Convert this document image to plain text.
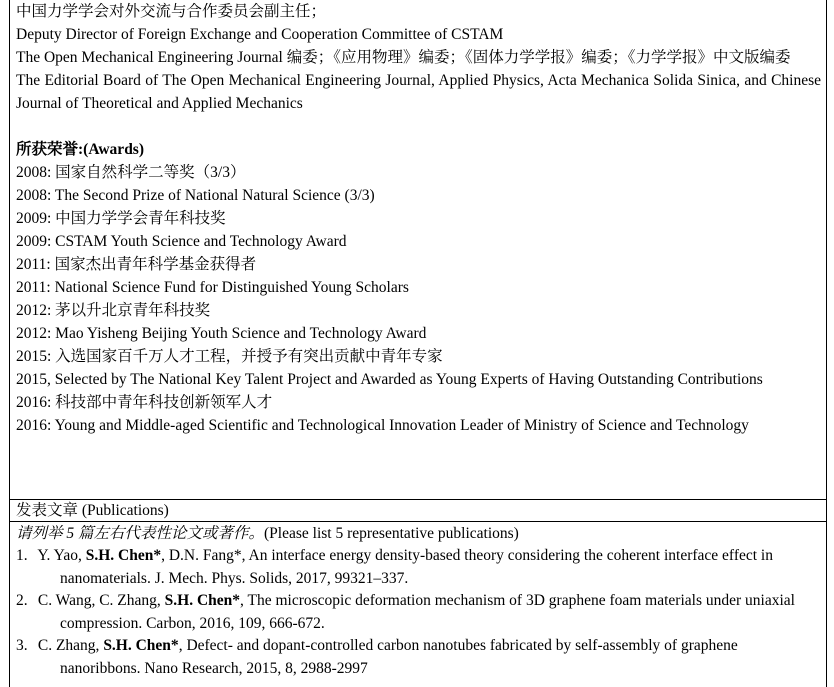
中国力学学会对外交流与合作委员会副主任；
Deputy Director of Foreign Exchange and Cooperation Committee of CSTAM
The Open Mechanical Engineering Journal 编委；《应用物理》编委；《固体力学学报》编委；《力学学报》中文版编委
The Editorial Board of The Open Mechanical Engineering Journal, Applied Physics, Acta Mechanica Solida Sinica, and Chinese Journal of Theoretical and Applied Mechanics
所获荣誉:(Awards)
2008: 国家自然科学二等奖（3/3）
2008: The Second Prize of National Natural Science (3/3)
2009: 中国力学学会青年科技奖
2009: CSTAM Youth Science and Technology Award
2011: 国家杰出青年科学基金获得者
2011: National Science Fund for Distinguished Young Scholars
2012: 茅以升北京青年科技奖
2012: Mao Yisheng Beijing Youth Science and Technology Award
2015: 入选国家百千万人才工程，并授予有突出贡献中青年专家
2015, Selected by The National Key Talent Project and Awarded as Young Experts of Having Outstanding Contributions
2016: 科技部中青年科技创新领军人才
2016: Young and Middle-aged Scientific and Technological Innovation Leader of Ministry of Science and Technology
发表文章 (Publications)
请列举 5 篇左右代表性论文或著作。(Please list 5 representative publications)
1. Y. Yao, S.H. Chen*, D.N. Fang*, An interface energy density-based theory considering the coherent interface effect in nanomaterials. J. Mech. Phys. Solids, 2017, 99321–337.
2. C. Wang, C. Zhang, S.H. Chen*, The microscopic deformation mechanism of 3D graphene foam materials under uniaxial compression. Carbon, 2016, 109, 666-672.
3. C. Zhang, S.H. Chen*, Defect- and dopant-controlled carbon nanotubes fabricated by self-assembly of graphene nanoribbons. Nano Research, 2015, 8, 2988-2997
